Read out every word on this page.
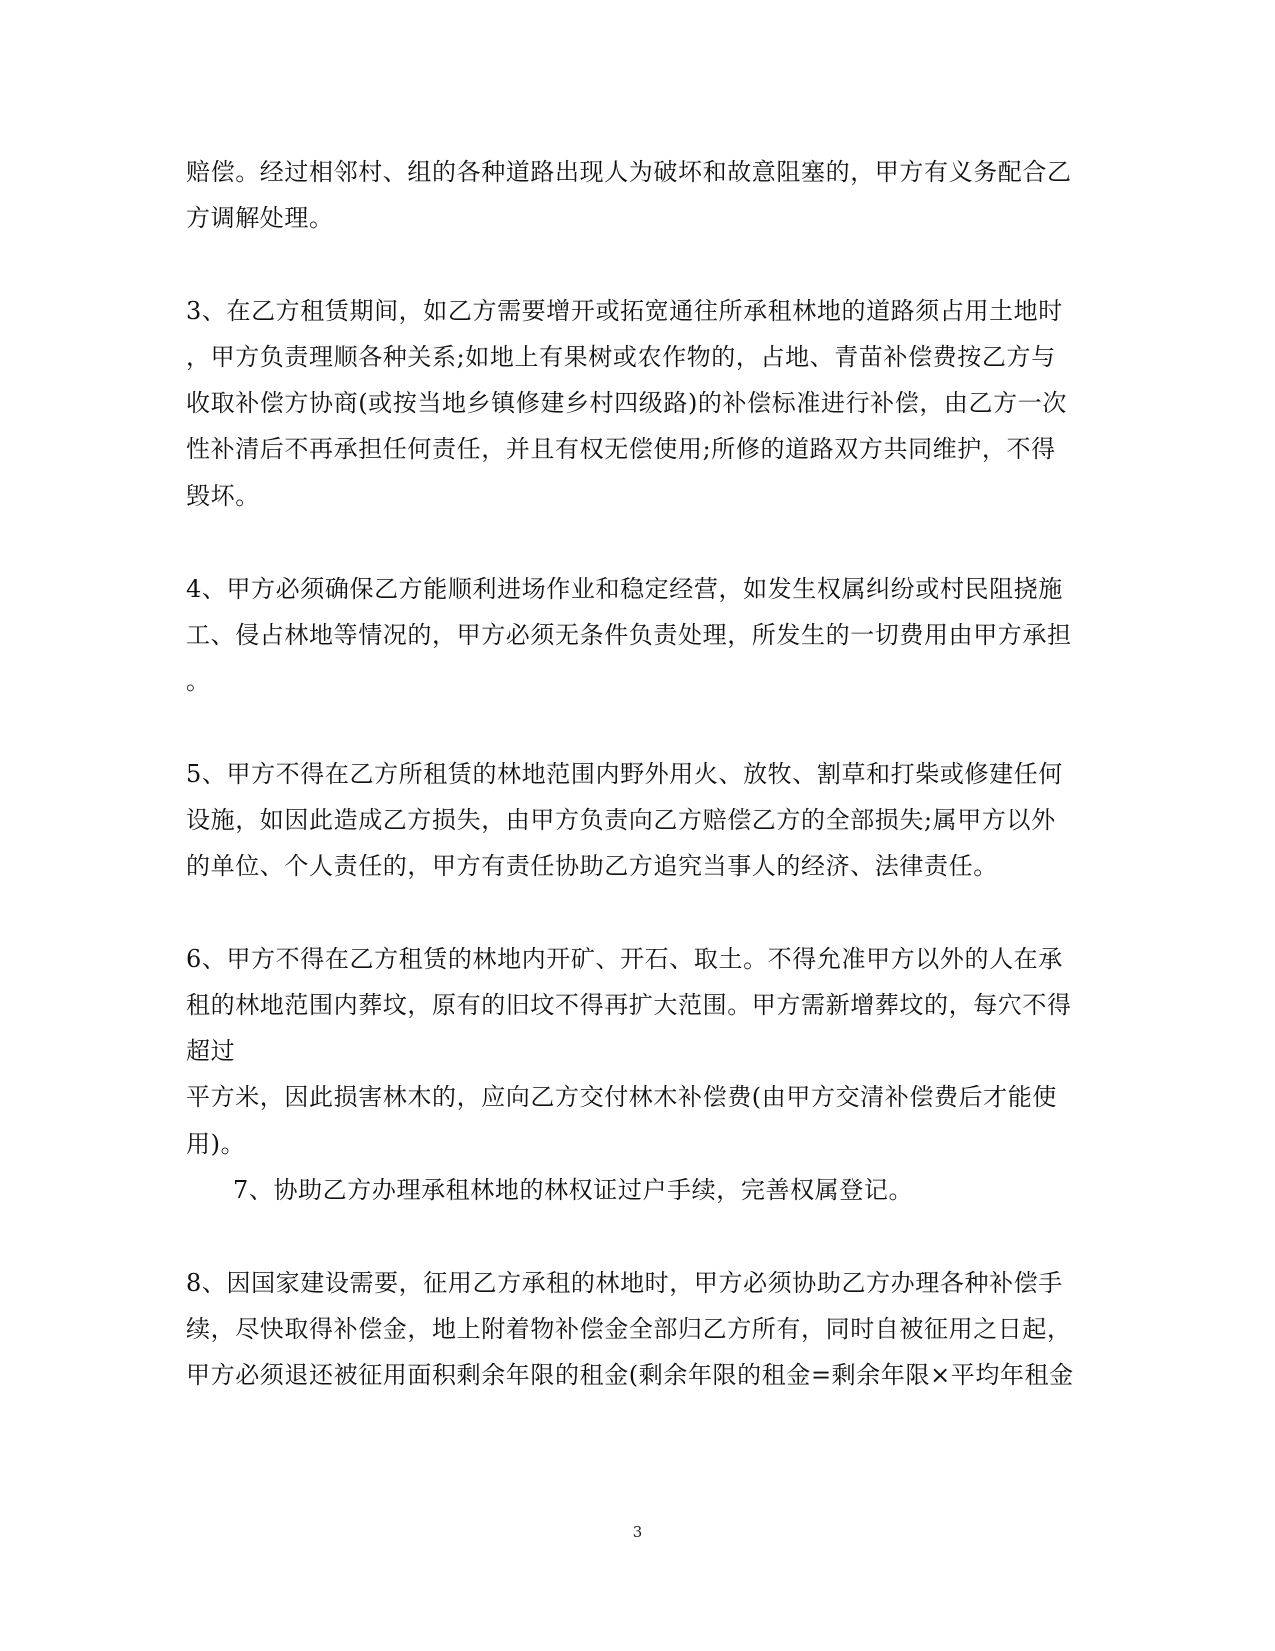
赔偿。经过相邻村、组的各种道路出现人为破坏和故意阻塞的，甲方有义务配合乙
方调解处理。
3、在乙方租赁期间，如乙方需要增开或拓宽通往所承租林地的道路须占用土地时
，甲方负责理顺各种关系;如地上有果树或农作物的，占地、青苗补偿费按乙方与
收取补偿方协商(或按当地乡镇修建乡村四级路)的补偿标准进行补偿，由乙方一次
性补清后不再承担任何责任，并且有权无偿使用;所修的道路双方共同维护，不得
毁坏。
4、甲方必须确保乙方能顺利进场作业和稳定经营，如发生权属纠纷或村民阻挠施
工、侵占林地等情况的，甲方必须无条件负责处理，所发生的一切费用由甲方承担
。
5、甲方不得在乙方所租赁的林地范围内野外用火、放牧、割草和打柴或修建任何
设施，如因此造成乙方损失，由甲方负责向乙方赔偿乙方的全部损失;属甲方以外
的单位、个人责任的，甲方有责任协助乙方追究当事人的经济、法律责任。
6、甲方不得在乙方租赁的林地内开矿、开石、取土。不得允准甲方以外的人在承
租的林地范围内葬坟，原有的旧坟不得再扩大范围。甲方需新增葬坟的，每穴不得
超过
平方米，因此损害林木的，应向乙方交付林木补偿费(由甲方交清补偿费后才能使
用)。
7、协助乙方办理承租林地的林权证过户手续，完善权属登记。
8、因国家建设需要，征用乙方承租的林地时，甲方必须协助乙方办理各种补偿手
续，尽快取得补偿金，地上附着物补偿金全部归乙方所有，同时自被征用之日起，
甲方必须退还被征用面积剩余年限的租金(剩余年限的租金=剩余年限×平均年租金
3
